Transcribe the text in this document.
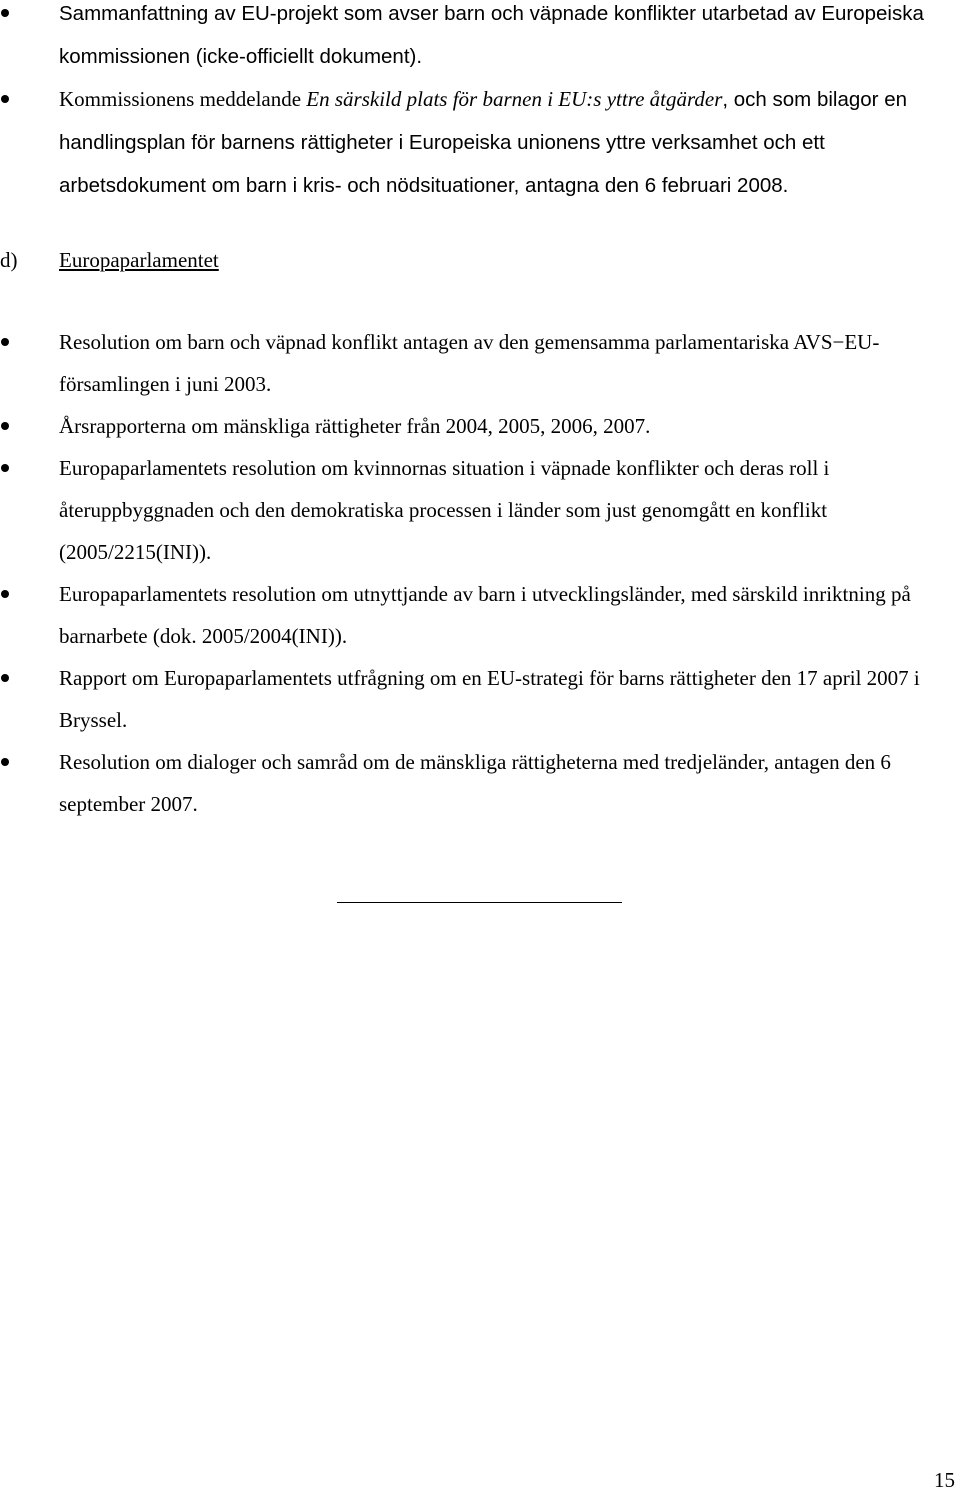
Sammanfattning av EU-projekt som avser barn och väpnade konflikter utarbetad av Europeiska kommissionen (icke-officiellt dokument).
Kommissionens meddelande En särskild plats för barnen i EU:s yttre åtgärder, och som bilagor en handlingsplan för barnens rättigheter i Europeiska unionens yttre verksamhet och ett arbetsdokument om barn i kris- och nödsituationer, antagna den 6 februari 2008.
d) Europaparlamentet
Resolution om barn och väpnad konflikt antagen av den gemensamma parlamentariska AVS−EU-församlingen i juni 2003.
Årsrapporterna om mänskliga rättigheter från 2004, 2005, 2006, 2007.
Europaparlamentets resolution om kvinnornas situation i väpnade konflikter och deras roll i återuppbyggnaden och den demokratiska processen i länder som just genomgått en konflikt (2005/2215(INI)).
Europaparlamentets resolution om utnyttjande av barn i utvecklingsländer, med särskild inriktning på barnarbete (dok. 2005/2004(INI)).
Rapport om Europaparlamentets utfrågning om en EU-strategi för barns rättigheter den 17 april 2007 i Bryssel.
Resolution om dialoger och samråd om de mänskliga rättigheterna med tredjeländer, antagen den 6 september 2007.
15
